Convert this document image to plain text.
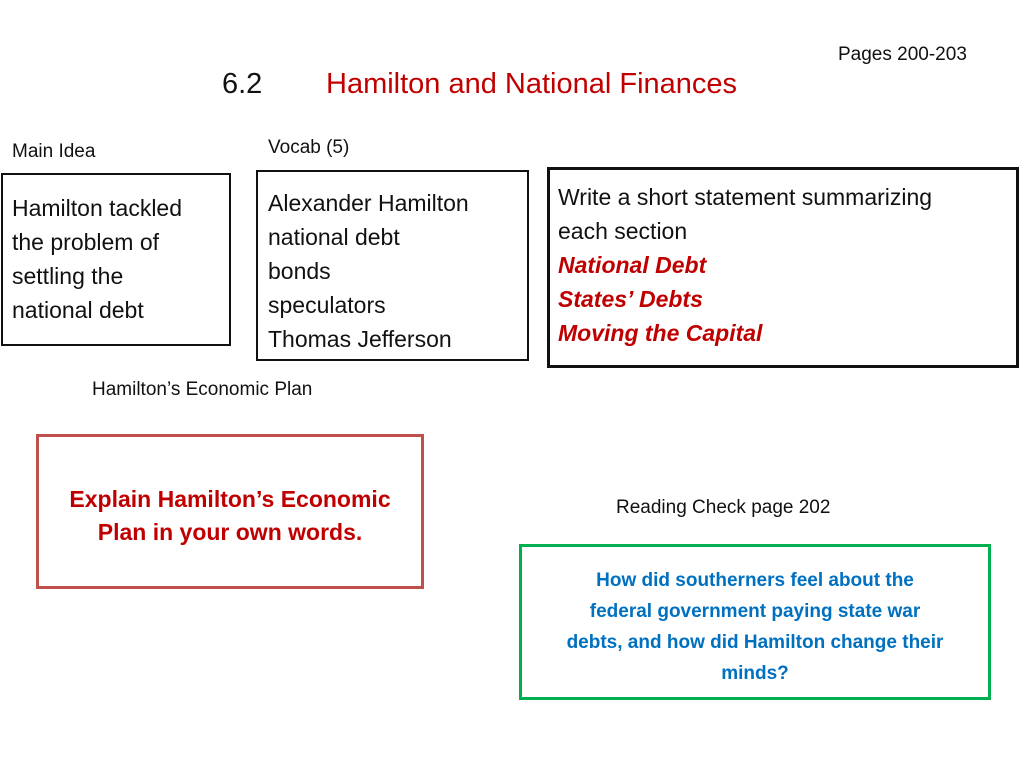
Pages 200-203
6.2 Hamilton and National Finances
Main Idea	Vocab (5)
Hamilton tackled
the problem of
settling the
national debt
Alexander Hamilton
national debt
bonds
speculators
Thomas Jefferson
Write a short statement summarizing
each section
National Debt
States’ Debts
Moving the Capital
Hamilton’s Economic Plan
Explain Hamilton’s Economic
Plan in your own words.
Reading Check page 202
How did southerners feel about the
federal government paying state war
debts, and how did Hamilton change their
minds?
